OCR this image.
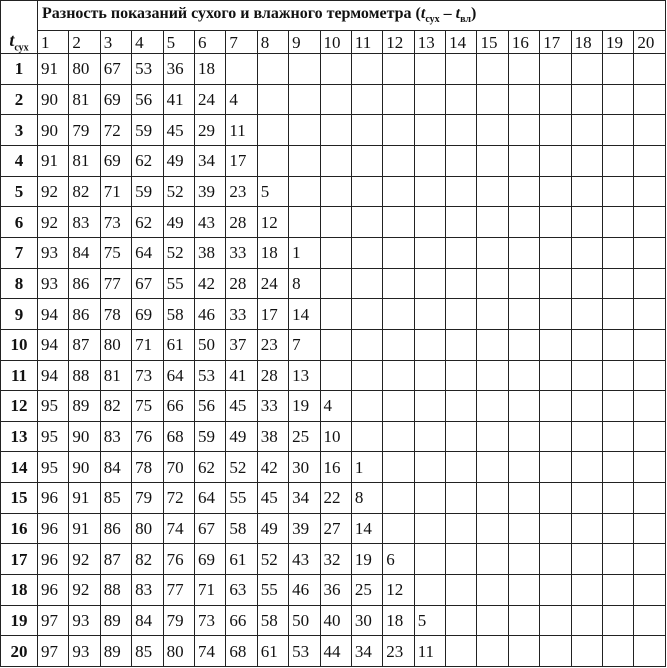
	Разность показаний сухого и влажного термометра $(t_{сух} - t_{вл})$																			
$t_{сух}$	1	2	3	4	5	6	7	8	9	10	11	12	13	14	15	16	17	18	19	20
1	91	80	67	53	36	18														
2	90	81	69	56	41	24	4													
3	90	79	72	59	45	29	11													
4	91	81	69	62	49	34	17													
5	92	82	71	59	52	39	23	5												
6	92	83	73	62	49	43	28	12												
7	93	84	75	64	52	38	33	18	1											
8	93	86	77	67	55	42	28	24	8											
9	94	86	78	69	58	46	33	17	14											
10	94	87	80	71	61	50	37	23	7											
11	94	88	81	73	64	53	41	28	13											
12	95	89	82	75	66	56	45	33	19	4										
13	95	90	83	76	68	59	49	38	25	10										
14	95	90	84	78	70	62	52	42	30	16	1									
15	96	91	85	79	72	64	55	45	34	22	8									
16	96	91	86	80	74	67	58	49	39	27	14									
17	96	92	87	82	76	69	61	52	43	32	19	6								
18	96	92	88	83	77	71	63	55	46	36	25	12								
19	97	93	89	84	79	73	66	58	50	40	30	18	5							
20	97	93	89	85	80	74	68	61	53	44	34	23	11							
